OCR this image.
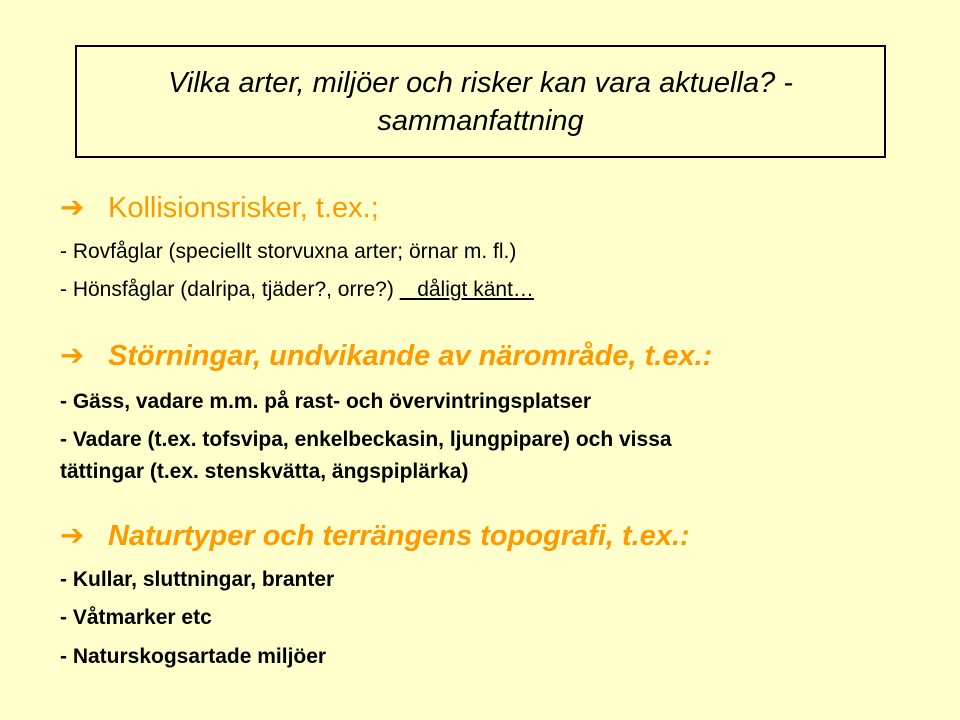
Vilka arter, miljöer och risker kan vara aktuella? -
sammanfattning
➔ Kollisionsrisker, t.ex.;
- Rovfåglar (speciellt storvuxna arter; örnar m. fl.)
- Hönsfåglar (dalripa, tjäder?, orre?) dåligt känt…
➔ Störningar, undvikande av närområde, t.ex.:
- Gäss, vadare m.m. på rast- och övervintringsplatser
- Vadare (t.ex. tofsvipa, enkelbeckasin, ljungpipare) och vissa
tättingar (t.ex. stenskvätta, ängspiplärka)
➔ Naturtyper och terrängens topografi, t.ex.:
- Kullar, sluttningar, branter
- Våtmarker etc
- Naturskogsartade miljöer
